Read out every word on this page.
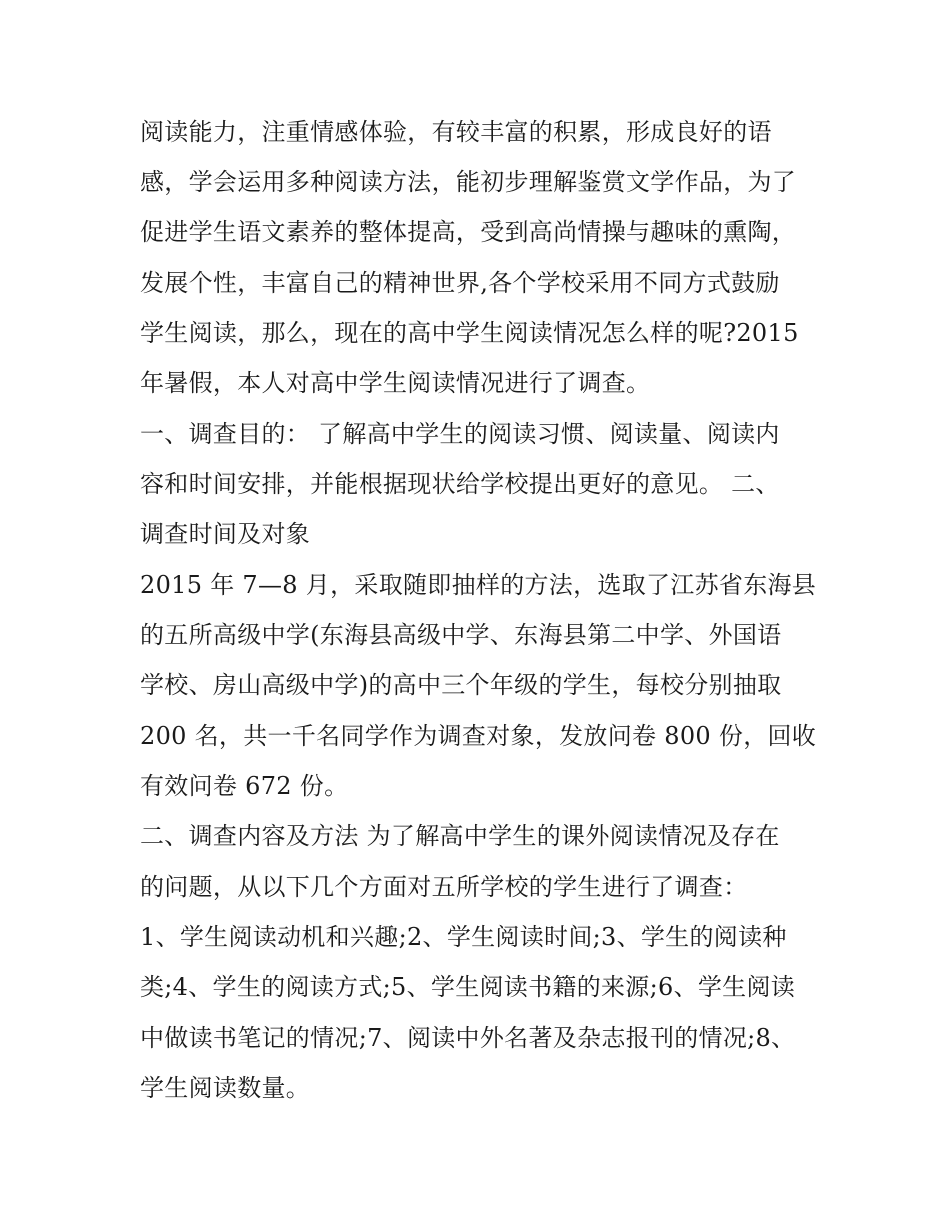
阅读能力，注重情感体验，有较丰富的积累，形成良好的语
感，学会运用多种阅读方法，能初步理解鉴赏文学作品，为了
促进学生语文素养的整体提高，受到高尚情操与趣味的熏陶，
发展个性，丰富自己的精神世界,各个学校采用不同方式鼓励
学生阅读，那么，现在的高中学生阅读情况怎么样的呢?2015
年暑假，本人对高中学生阅读情况进行了调查。
一、调查目的： 了解高中学生的阅读习惯、阅读量、阅读内
容和时间安排，并能根据现状给学校提出更好的意见。 二、
调查时间及对象
2015 年 7—8 月，采取随即抽样的方法，选取了江苏省东海县
的五所高级中学(东海县高级中学、东海县第二中学、外国语
学校、房山高级中学)的高中三个年级的学生，每校分别抽取
200 名，共一千名同学作为调查对象，发放问卷 800 份，回收
有效问卷 672 份。
二、调查内容及方法 为了解高中学生的课外阅读情况及存在
的问题，从以下几个方面对五所学校的学生进行了调查：
1、学生阅读动机和兴趣;2、学生阅读时间;3、学生的阅读种
类;4、学生的阅读方式;5、学生阅读书籍的来源;6、学生阅读
中做读书笔记的情况;7、阅读中外名著及杂志报刊的情况;8、
学生阅读数量。
